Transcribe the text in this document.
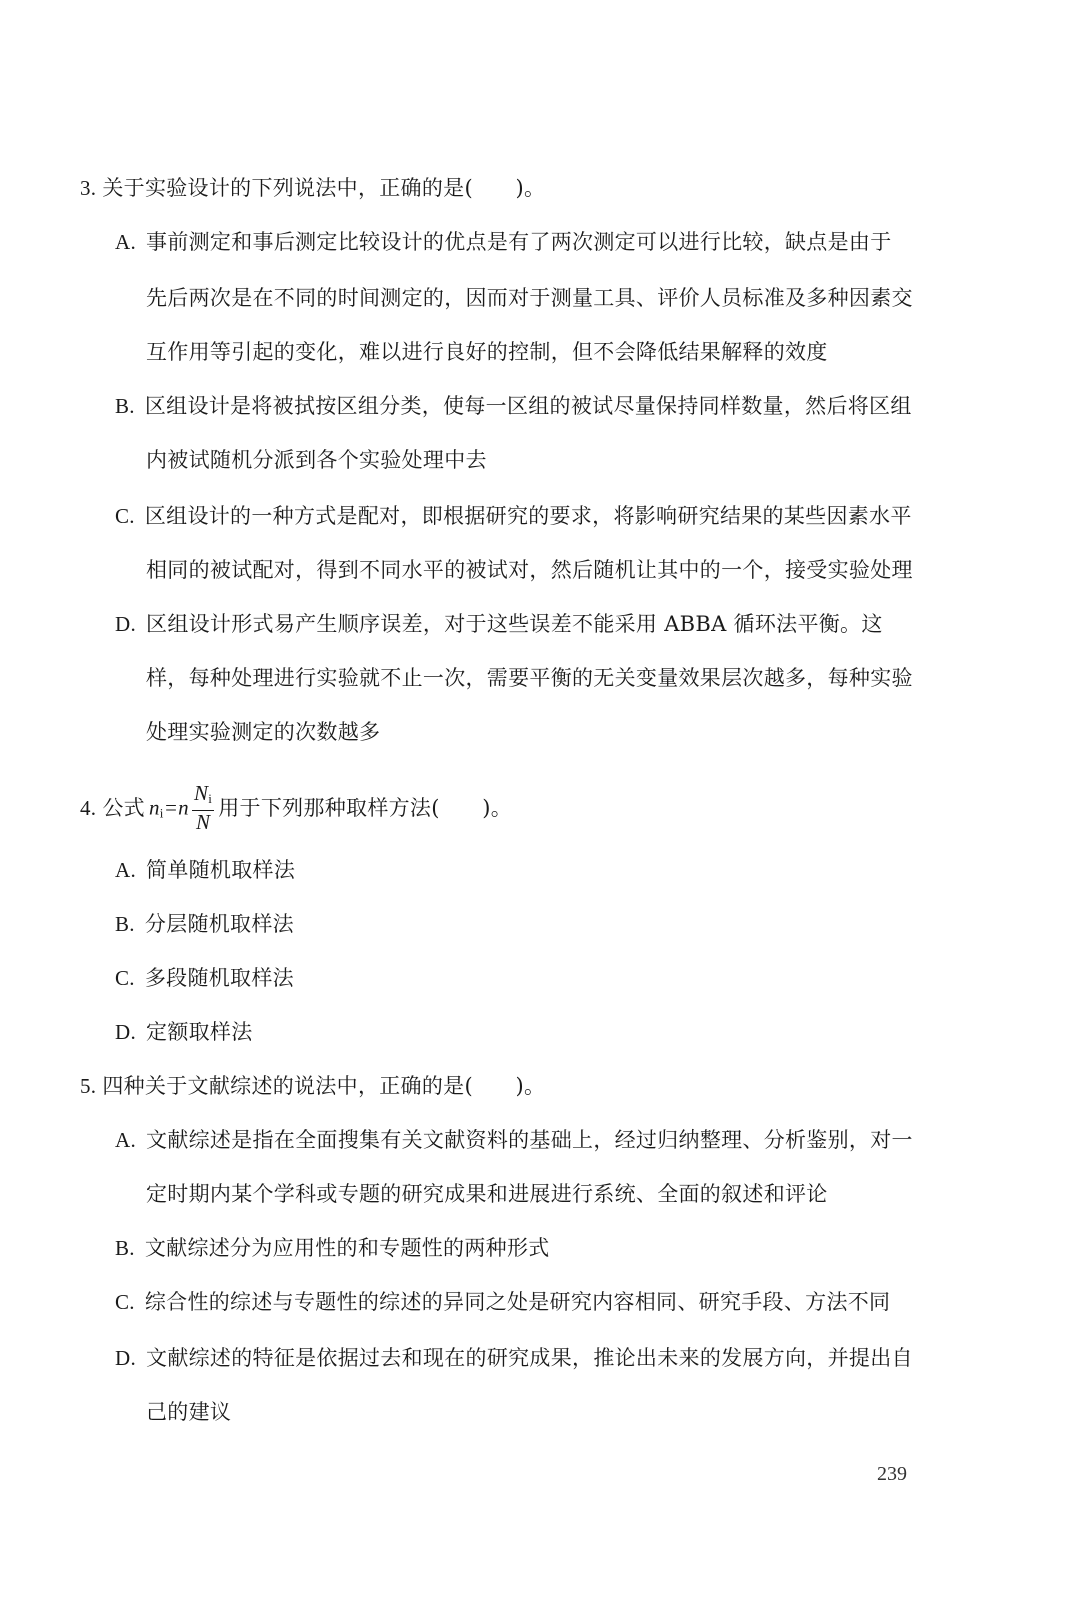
3. 关于实验设计的下列说法中，正确的是(　　)。
A. 事前测定和事后测定比较设计的优点是有了两次测定可以进行比较，缺点是由于
先后两次是在不同的时间测定的，因而对于测量工具、评价人员标准及多种因素交
互作用等引起的变化，难以进行良好的控制，但不会降低结果解释的效度
B. 区组设计是将被拭按区组分类，使每一区组的被试尽量保持同样数量，然后将区组
内被试随机分派到各个实验处理中去
C. 区组设计的一种方式是配对，即根据研究的要求，将影响研究结果的某些因素水平
相同的被试配对，得到不同水平的被试对，然后随机让其中的一个，接受实验处理
D. 区组设计形式易产生顺序误差，对于这些误差不能采用 ABBA 循环法平衡。这
样，每种处理进行实验就不止一次，需要平衡的无关变量效果层次越多，每种实验
处理实验测定的次数越多
4. 公式 $n_i=n \frac{N_i}{N}$ 用于下列那种取样方法(　　)。
A. 简单随机取样法
B. 分层随机取样法
C. 多段随机取样法
D. 定额取样法
5. 四种关于文献综述的说法中，正确的是(　　)。
A. 文献综述是指在全面搜集有关文献资料的基础上，经过归纳整理、分析鉴别，对一
定时期内某个学科或专题的研究成果和进展进行系统、全面的叙述和评论
B. 文献综述分为应用性的和专题性的两种形式
C. 综合性的综述与专题性的综述的异同之处是研究内容相同、研究手段、方法不同
D. 文献综述的特征是依据过去和现在的研究成果，推论出未来的发展方向，并提出自
己的建议
239
